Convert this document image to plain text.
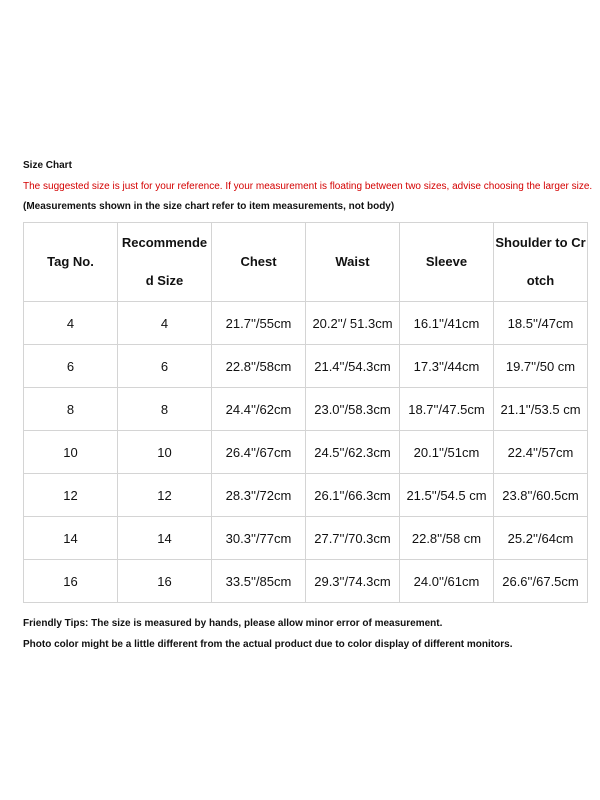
Size Chart
The suggested size is just for your reference. If your measurement is floating between two sizes, advise choosing the larger size.
(Measurements shown in the size chart refer to item measurements, not body)
Tag No.	Recommended Size	Chest	Waist	Sleeve	Shoulder to Crotch
4	4	21.7''/55cm	20.2''/ 51.3cm	16.1''/41cm	18.5''/47cm
6	6	22.8''/58cm	21.4''/54.3cm	17.3''/44cm	19.7''/50 cm
8	8	24.4''/62cm	23.0''/58.3cm	18.7''/47.5cm	21.1''/53.5 cm
10	10	26.4''/67cm	24.5''/62.3cm	20.1''/51cm	22.4''/57cm
12	12	28.3''/72cm	26.1''/66.3cm	21.5''/54.5 cm	23.8''/60.5cm
14	14	30.3''/77cm	27.7''/70.3cm	22.8''/58 cm	25.2''/64cm
16	16	33.5''/85cm	29.3''/74.3cm	24.0''/61cm	26.6''/67.5cm
Friendly Tips: The size is measured by hands, please allow minor error of measurement.
Photo color might be a little different from the actual product due to color display of different monitors.
